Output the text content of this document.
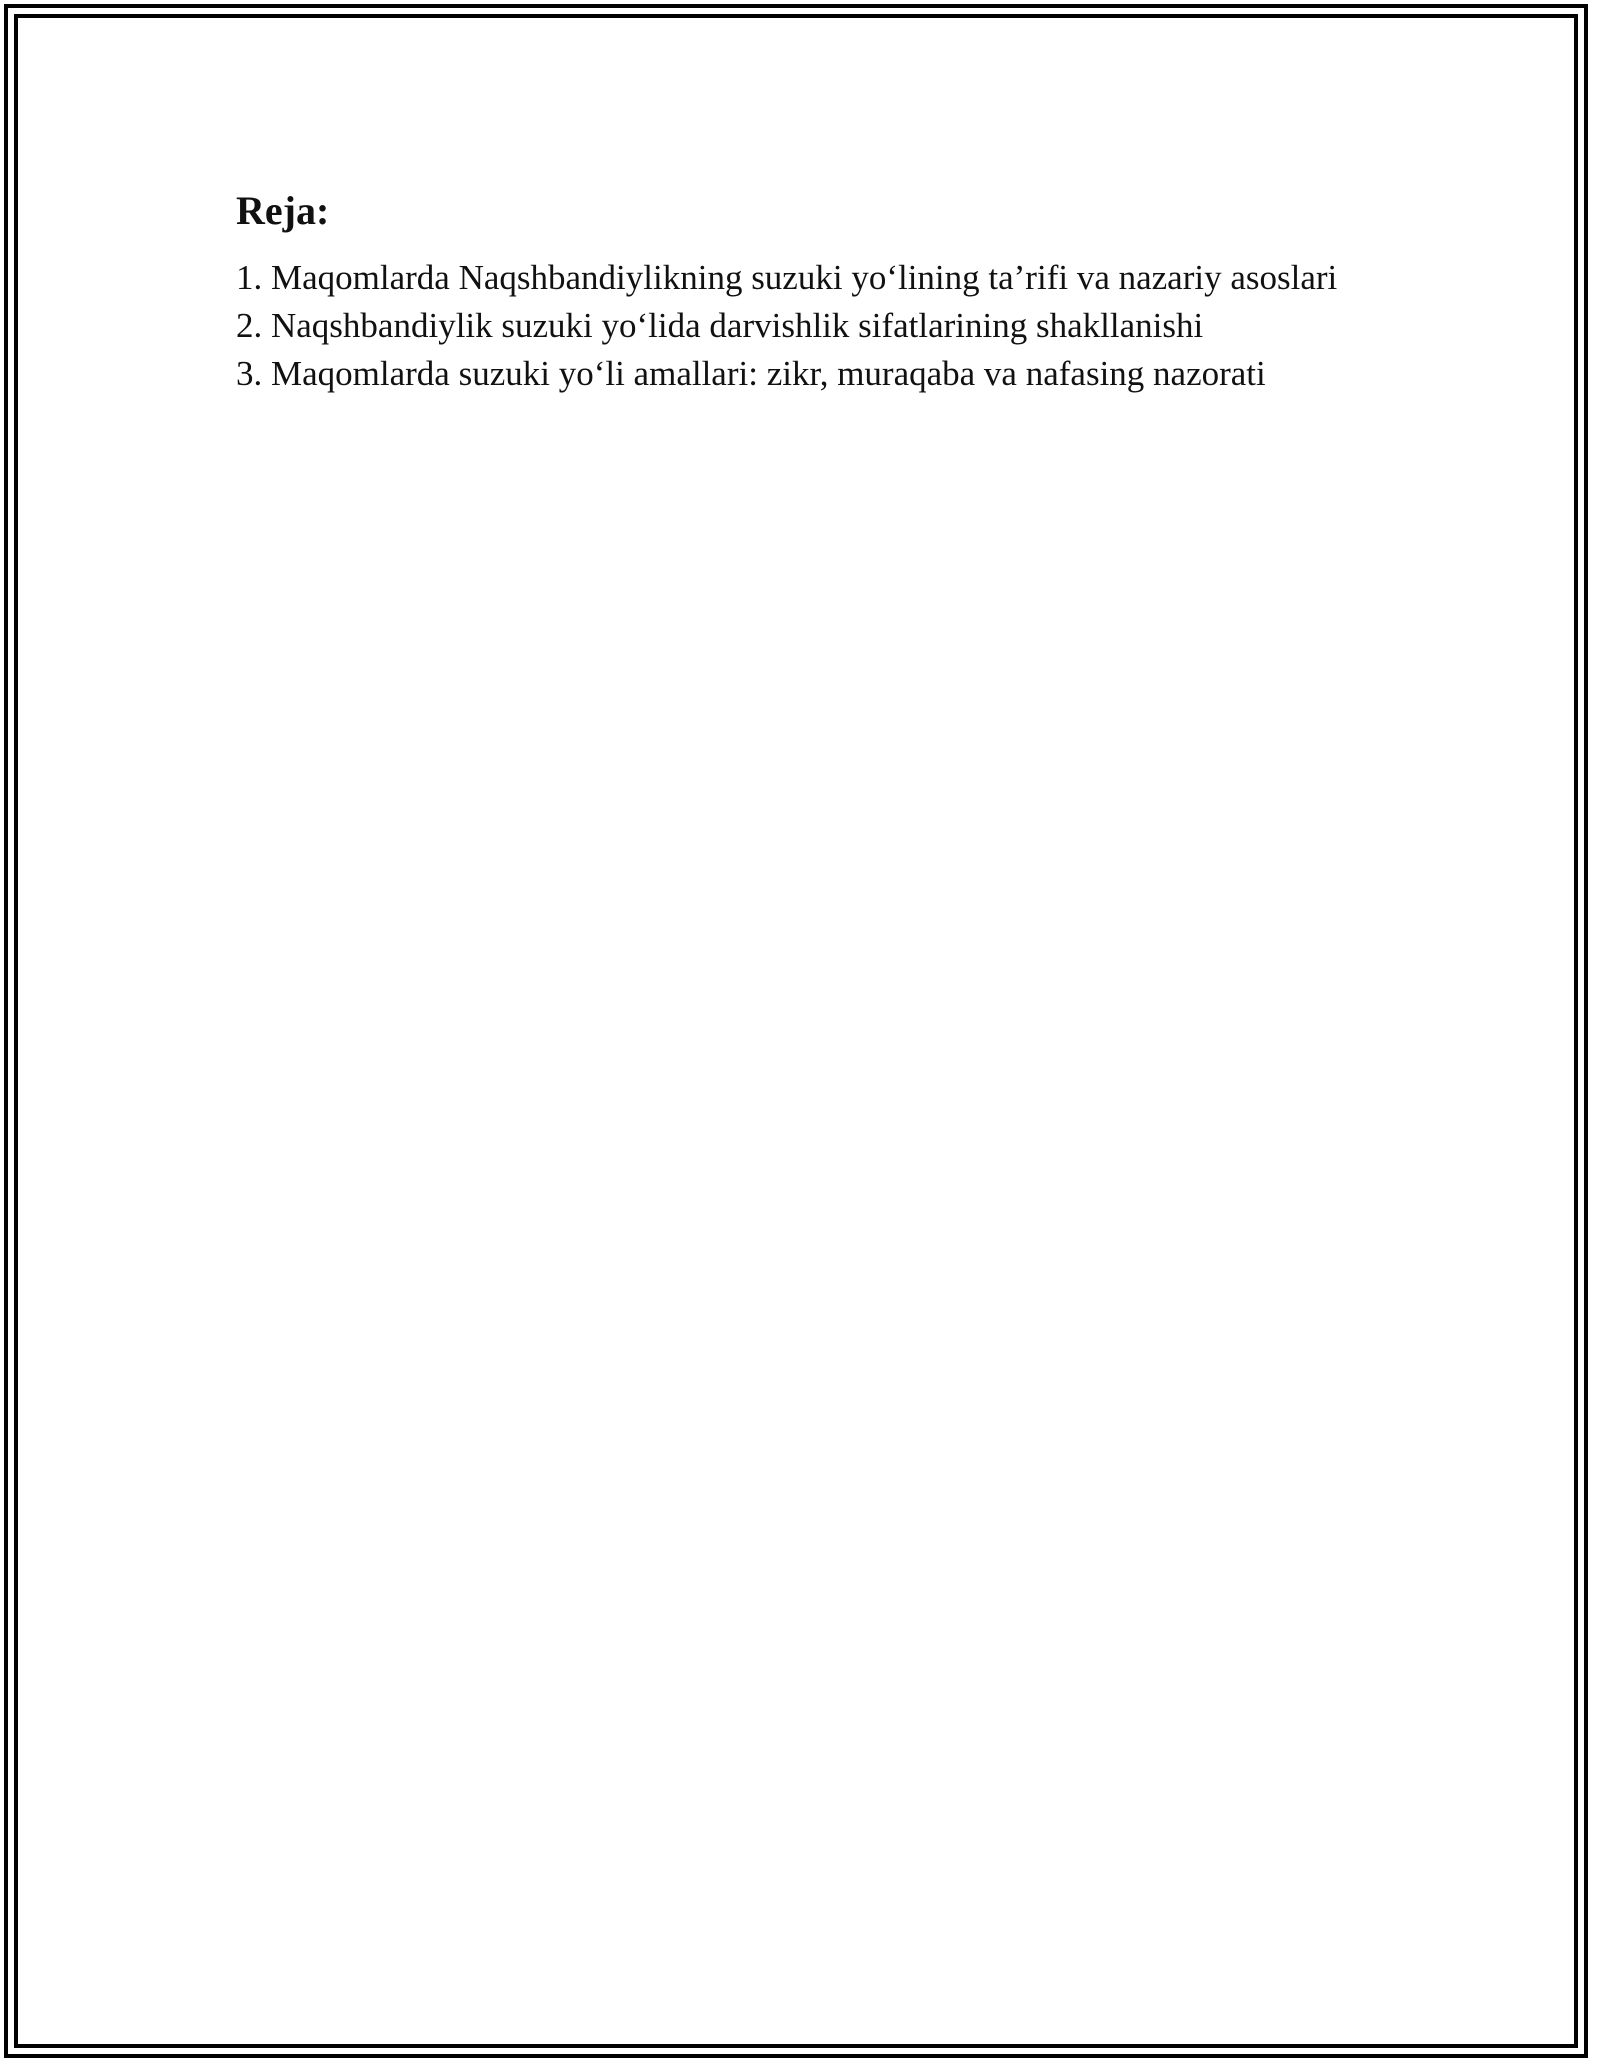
Reja:
1. Maqomlarda Naqshbandiylikning suzuki yo‘lining ta’rifi va nazariy asoslari
2. Naqshbandiylik suzuki yo‘lida darvishlik sifatlarining shakllanishi
3. Maqomlarda suzuki yo‘li amallari: zikr, muraqaba va nafasing nazorati
